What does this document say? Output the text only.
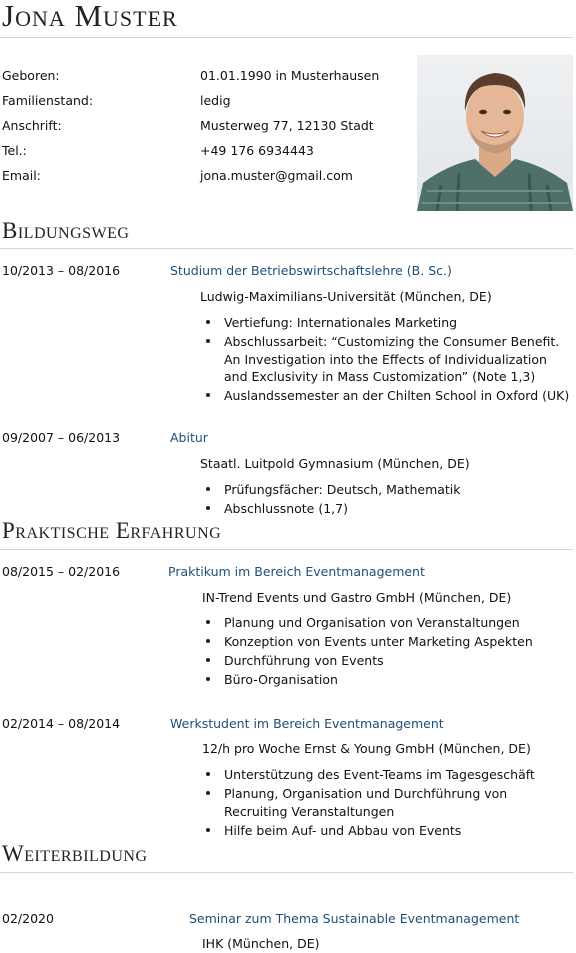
Jona Muster
Geboren:	01.01.1990 in Musterhausen
Familienstand:	ledig
Anschrift:	Musterweg 77, 12130 Stadt
Tel.:	+49 176 6934443
Email:	jona.muster@gmail.com
Bildungsweg
10/2013 – 08/2016	Studium der Betriebswirtschaftslehre (B. Sc.)
Ludwig-Maximilians-Universität (München, DE)
Vertiefung: Internationales Marketing
Abschlussarbeit: “Customizing the Consumer Benefit. An Investigation into the Effects of Individualization and Exclusivity in Mass Customization” (Note 1,3)
Auslandssemester an der Chilten School in Oxford (UK)
09/2007 – 06/2013	Abitur
Staatl. Luitpold Gymnasium (München, DE)
Prüfungsfächer: Deutsch, Mathematik
Abschlussnote (1,7)
Praktische Erfahrung
08/2015 – 02/2016	Praktikum im Bereich Eventmanagement
IN-Trend Events und Gastro GmbH (München, DE)
Planung und Organisation von Veranstaltungen
Konzeption von Events unter Marketing Aspekten
Durchführung von Events
Büro-Organisation
02/2014 – 08/2014	Werkstudent im Bereich Eventmanagement
12/h pro Woche Ernst & Young GmbH (München, DE)
Unterstützung des Event-Teams im Tagesgeschäft
Planung, Organisation und Durchführung von Recruiting Veranstaltungen
Hilfe beim Auf- und Abbau von Events
Weiterbildung
02/2020	Seminar zum Thema Sustainable Eventmanagement
IHK (München, DE)
